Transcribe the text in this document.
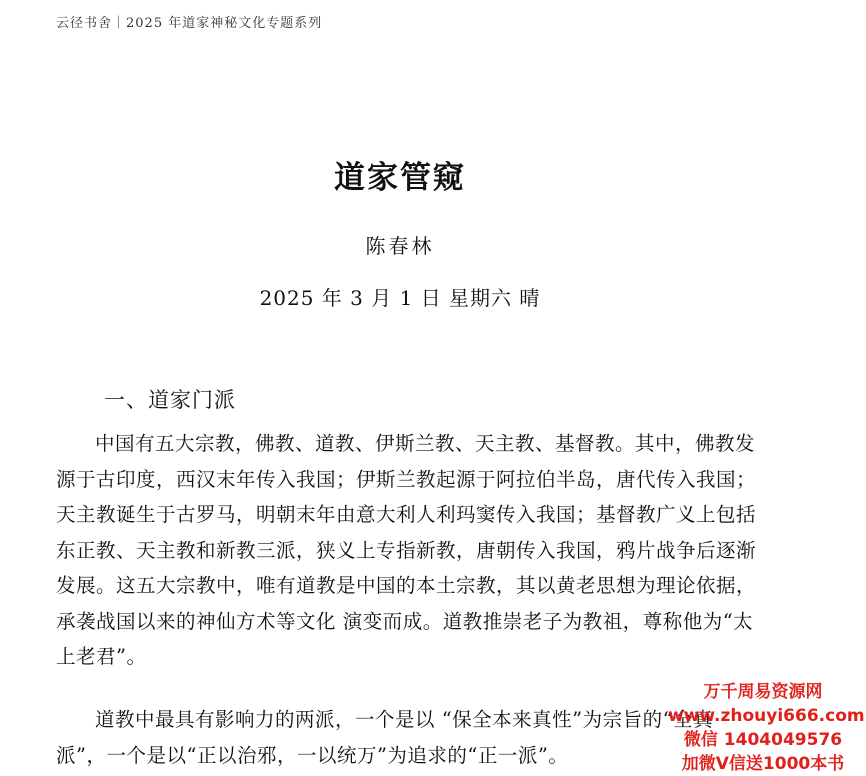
云径书舍｜2025 年道家神秘文化专题系列
道家管窥
陈春林
2025 年 3 月 1 日 星期六 晴
一、道家门派

中国有五大宗教，佛教、道教、伊斯兰教、天主教、基督教。其中，佛教发源于古印度，西汉末年传入我国；伊斯兰教起源于阿拉伯半岛，唐代传入我国；天主教诞生于古罗马，明朝末年由意大利人利玛窦传入我国；基督教广义上包括东正教、天主教和新教三派，狭义上专指新教，唐朝传入我国，鸦片战争后逐渐发展。这五大宗教中，唯有道教是中国的本土宗教，其以黄老思想为理论依据，承袭战国以来的神仙方术等文化 演变而成。道教推崇老子为教祖，尊称他为“太上老君”。

道教中最具有影响力的两派，一个是以 “保全本来真性”为宗旨的“全真派”，一个是以“正以治邪，一以统万”为追求的“正一派”。

万千周易资源网
www.zhouyi666.com
微信 1404049576
加微V信送1000本书
